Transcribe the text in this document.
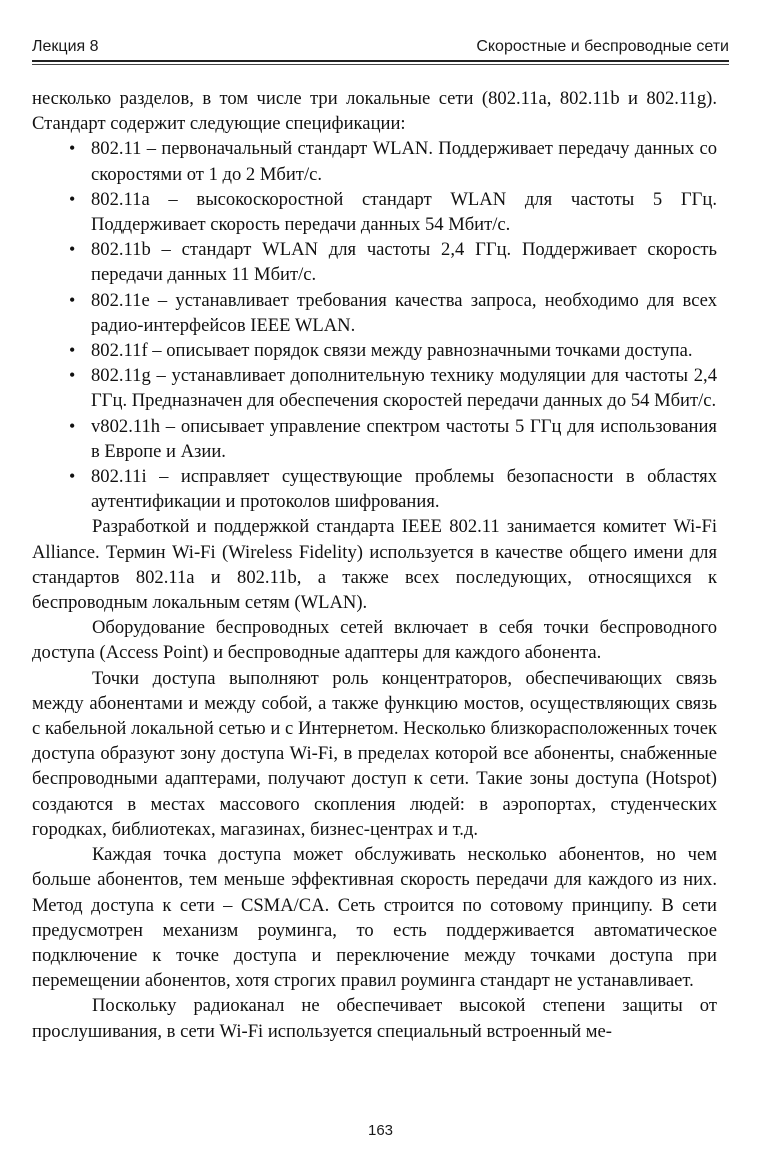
Лекция 8	Скоростные и беспроводные сети

несколько разделов, в том числе три локальные сети (802.11a, 802.11b и 802.11g). Стандарт содержит следующие спецификации:

• 802.11 – первоначальный стандарт WLAN. Поддерживает передачу данных со скоростями от 1 до 2 Мбит/с.
• 802.11a – высокоскоростной стандарт WLAN для частоты 5 ГГц. Поддерживает скорость передачи данных 54 Мбит/с.
• 802.11b – стандарт WLAN для частоты 2,4 ГГц. Поддерживает скорость передачи данных 11 Мбит/с.
• 802.11e – устанавливает требования качества запроса, необходимо для всех радио-интерфейсов IEEE WLAN.
• 802.11f – описывает порядок связи между равнозначными точками доступа.
• 802.11g – устанавливает дополнительную технику модуляции для частоты 2,4 ГГц. Предназначен для обеспечения скоростей передачи данных до 54 Мбит/с.
• v802.11h – описывает управление спектром частоты 5 ГГц для использования в Европе и Азии.
• 802.11i – исправляет существующие проблемы безопасности в областях аутентификации и протоколов шифрования.

Разработкой и поддержкой стандарта IEEE 802.11 занимается комитет Wi-Fi Alliance. Термин Wi-Fi (Wireless Fidelity) используется в качестве общего имени для стандартов 802.11a и 802.11b, а также всех последующих, относящихся к беспроводным локальным сетям (WLAN).

Оборудование беспроводных сетей включает в себя точки беспроводного доступа (Access Point) и беспроводные адаптеры для каждого абонента.

Точки доступа выполняют роль концентраторов, обеспечивающих связь между абонентами и между собой, а также функцию мостов, осуществляющих связь с кабельной локальной сетью и с Интернетом. Несколько близкорасположенных точек доступа образуют зону доступа Wi-Fi, в пределах которой все абоненты, снабженные беспроводными адаптерами, получают доступ к сети. Такие зоны доступа (Hotspot) создаются в местах массового скопления людей: в аэропортах, студенческих городках, библиотеках, магазинах, бизнес-центрах и т.д.

Каждая точка доступа может обслуживать несколько абонентов, но чем больше абонентов, тем меньше эффективная скорость передачи для каждого из них. Метод доступа к сети – CSMA/CA. Сеть строится по сотовому принципу. В сети предусмотрен механизм роуминга, то есть поддерживается автоматическое подключение к точке доступа и переключение между точками доступа при перемещении абонентов, хотя строгих правил роуминга стандарт не устанавливает.

Поскольку радиоканал не обеспечивает высокой степени защиты от прослушивания, в сети Wi-Fi используется специальный встроенный ме-

163
